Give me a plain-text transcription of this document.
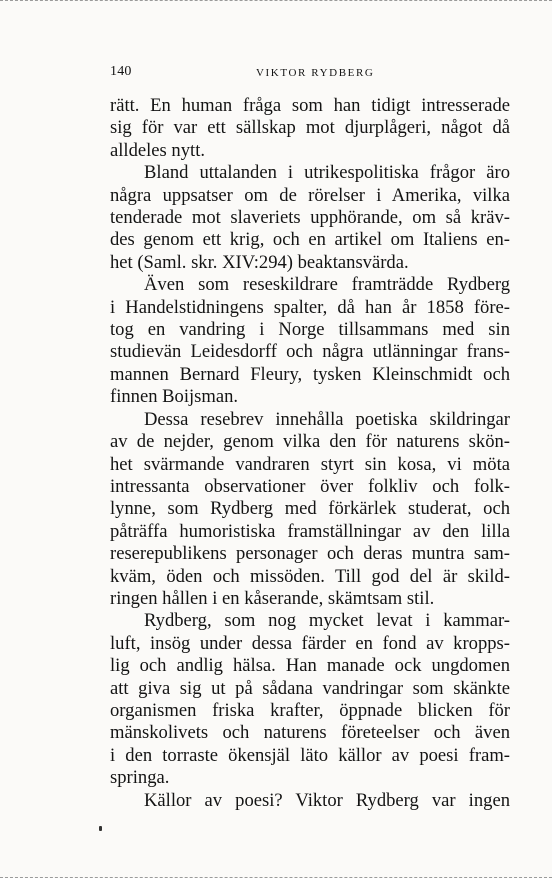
140	VIKTOR RYDBERG
rätt. En human fråga som han tidigt intresserade
sig för var ett sällskap mot djurplågeri, något då
alldeles nytt.
Bland uttalanden i utrikespolitiska frågor äro
några uppsatser om de rörelser i Amerika, vilka
tenderade mot slaveriets upphörande, om så kräv-
des genom ett krig, och en artikel om Italiens en-
het (Saml. skr. XIV:294) beaktansvärda.
Även som reseskildrare framträdde Rydberg
i Handelstidningens spalter, då han år 1858 före-
tog en vandring i Norge tillsammans med sin
studievän Leidesdorff och några utlänningar frans-
mannen Bernard Fleury, tysken Kleinschmidt och
finnen Boijsman.
Dessa resebrev innehålla poetiska skildringar
av de nejder, genom vilka den för naturens skön-
het svärmande vandraren styrt sin kosa, vi möta
intressanta observationer över folkliv och folk-
lynne, som Rydberg med förkärlek studerat, och
påträffa humoristiska framställningar av den lilla
reserepublikens personager och deras muntra sam-
kväm, öden och missöden. Till god del är skild-
ringen hållen i en kåserande, skämtsam stil.
Rydberg, som nog mycket levat i kammar-
luft, insög under dessa färder en fond av kropps-
lig och andlig hälsa. Han manade ock ungdomen
att giva sig ut på sådana vandringar som skänkte
organismen friska krafter, öppnade blicken för
mänskolivets och naturens företeelser och även
i den torraste ökensjäl läto källor av poesi fram-
springa.
Källor av poesi? Viktor Rydberg var ingen
